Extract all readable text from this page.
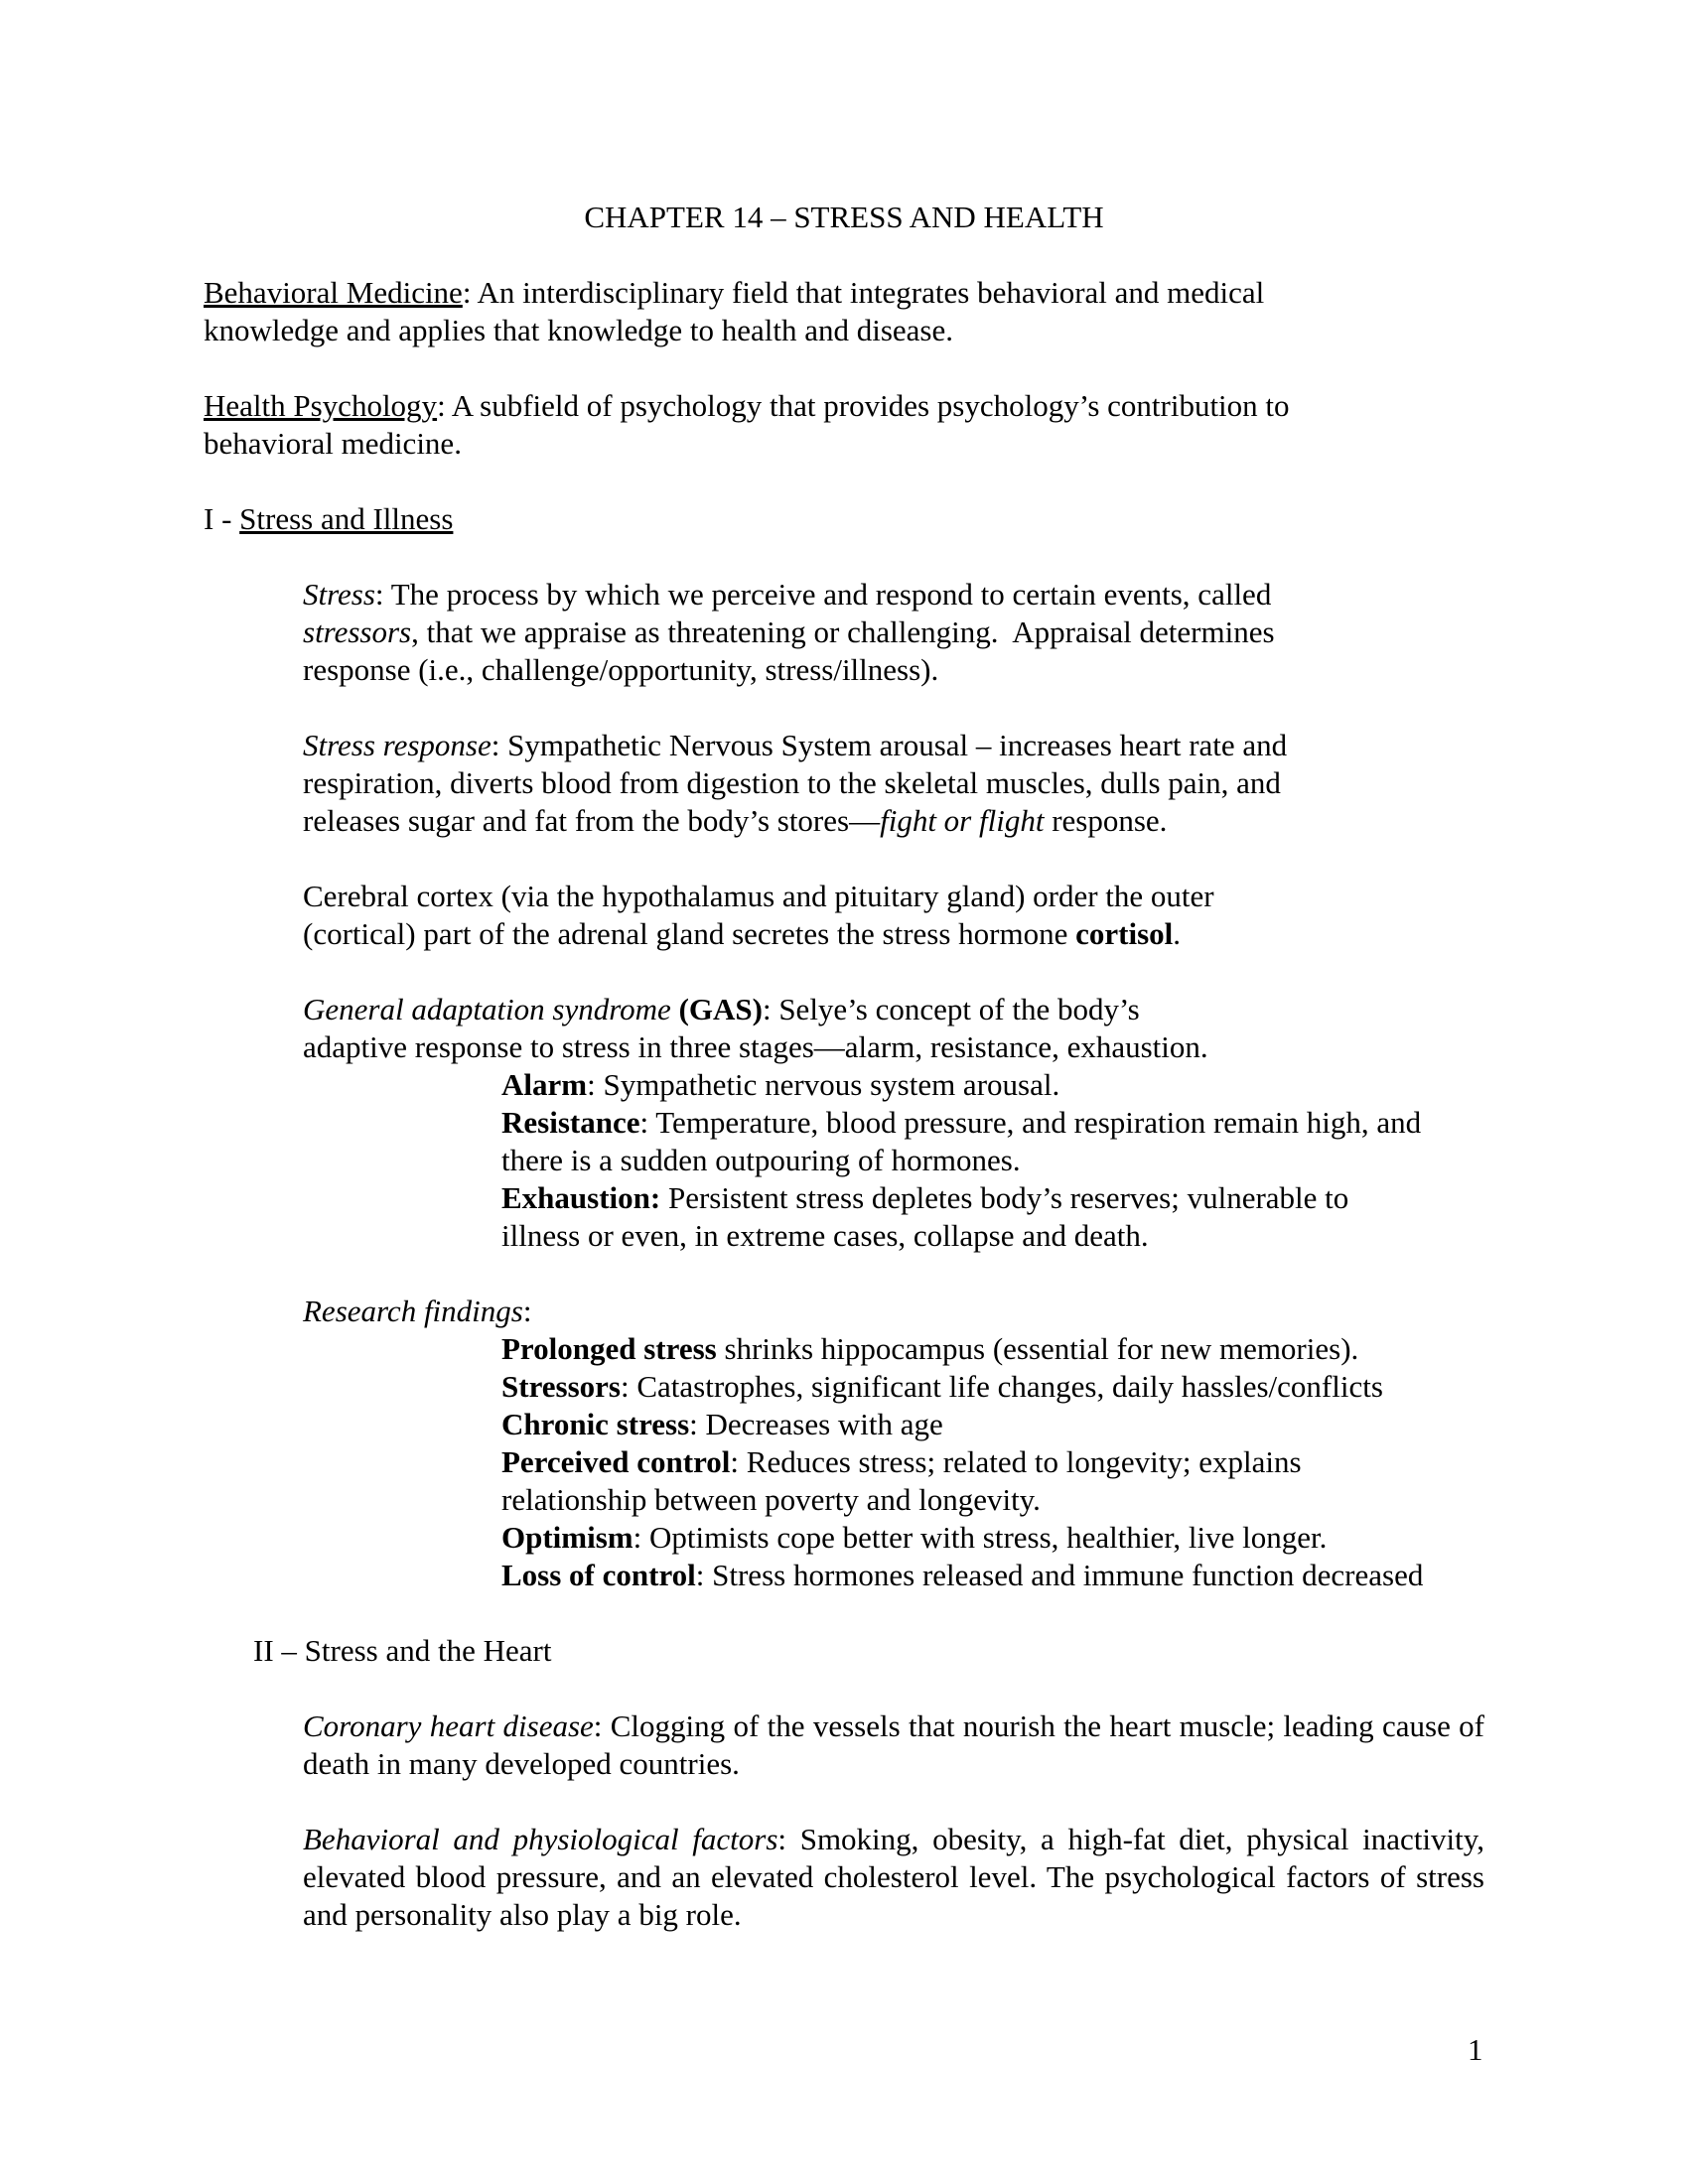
CHAPTER 14 – STRESS AND HEALTH

Behavioral Medicine: An interdisciplinary field that integrates behavioral and medical
knowledge and applies that knowledge to health and disease.

Health Psychology: A subfield of psychology that provides psychology’s contribution to
behavioral medicine.

I - Stress and Illness

Stress: The process by which we perceive and respond to certain events, called
stressors, that we appraise as threatening or challenging.  Appraisal determines
response (i.e., challenge/opportunity, stress/illness).

Stress response: Sympathetic Nervous System arousal – increases heart rate and
respiration, diverts blood from digestion to the skeletal muscles, dulls pain, and
releases sugar and fat from the body’s stores—fight or flight response.

Cerebral cortex (via the hypothalamus and pituitary gland) order the outer
(cortical) part of the adrenal gland secretes the stress hormone cortisol.

General adaptation syndrome (GAS): Selye’s concept of the body’s
adaptive response to stress in three stages—alarm, resistance, exhaustion.
Alarm: Sympathetic nervous system arousal.
Resistance: Temperature, blood pressure, and respiration remain high, and
there is a sudden outpouring of hormones.
Exhaustion: Persistent stress depletes body’s reserves; vulnerable to
illness or even, in extreme cases, collapse and death.

Research findings:
Prolonged stress shrinks hippocampus (essential for new memories).
Stressors: Catastrophes, significant life changes, daily hassles/conflicts
Chronic stress: Decreases with age
Perceived control: Reduces stress; related to longevity; explains
relationship between poverty and longevity.
Optimism: Optimists cope better with stress, healthier, live longer.
Loss of control: Stress hormones released and immune function decreased

II – Stress and the Heart

Coronary heart disease: Clogging of the vessels that nourish the heart muscle; leading cause of death in many developed countries.

Behavioral and physiological factors: Smoking, obesity, a high-fat diet, physical inactivity, elevated blood pressure, and an elevated cholesterol level. The psychological factors of stress and personality also play a big role.

1
